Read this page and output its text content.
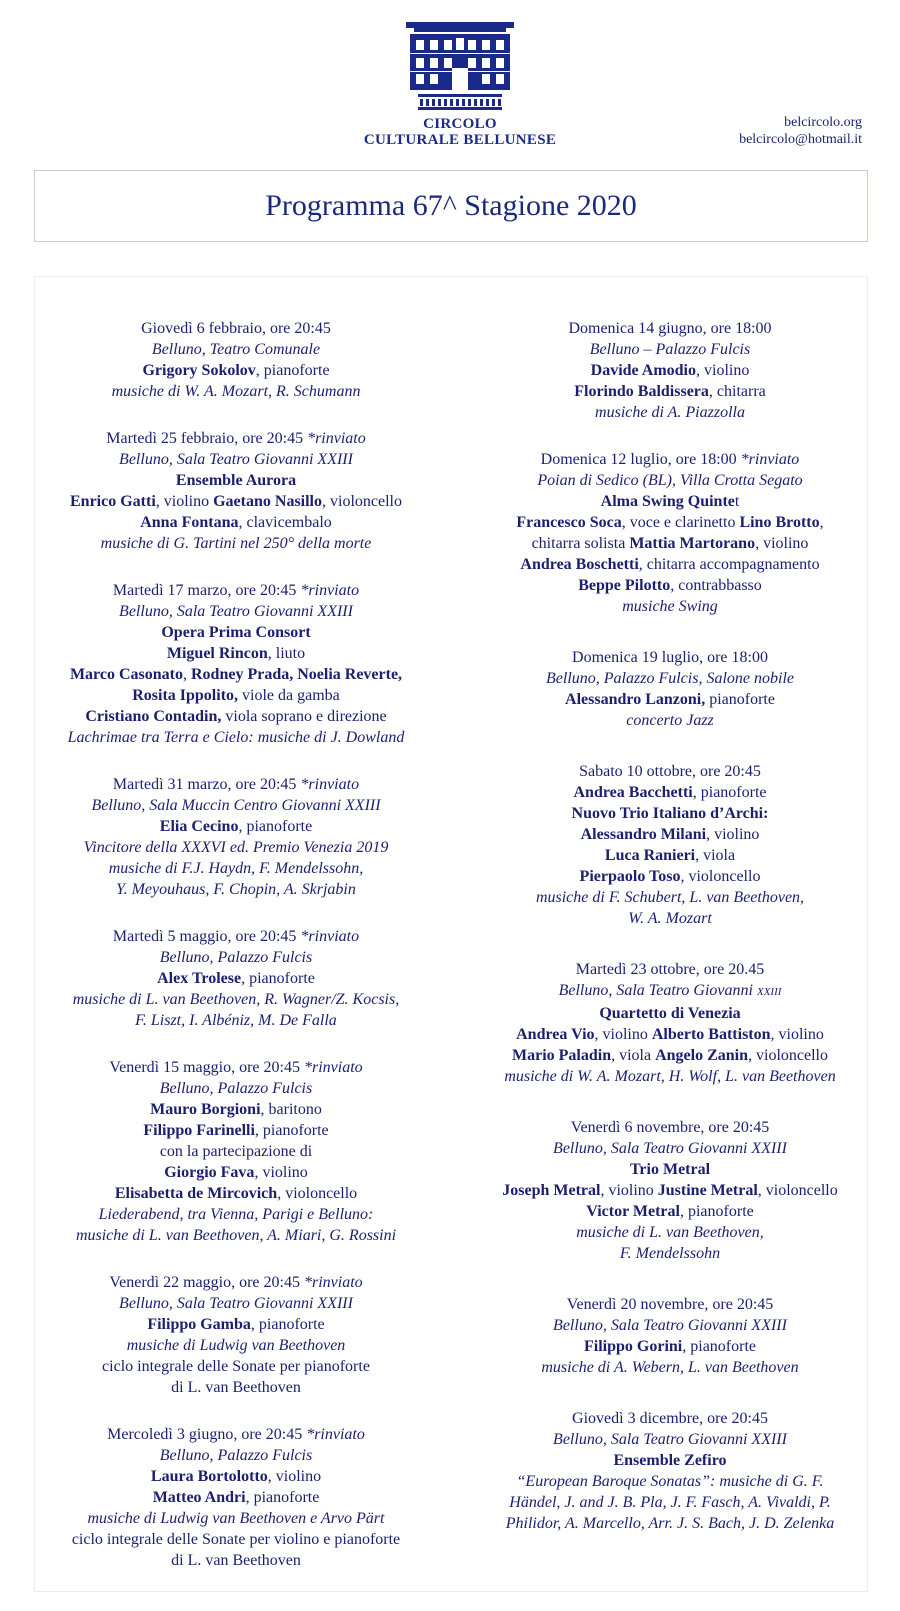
CIRCOLO
CULTURALE BELLUNESE
belcircolo.org
belcircolo@hotmail.it
Programma 67^ Stagione 2020
Giovedì 6 febbraio, ore 20:45
Belluno, Teatro Comunale
Grigory Sokolov, pianoforte
musiche di W. A. Mozart, R. Schumann
Martedì 25 febbraio, ore 20:45 *rinviato
Belluno, Sala Teatro Giovanni XXIII
Ensemble Aurora
Enrico Gatti, violino Gaetano Nasillo, violoncello
Anna Fontana, clavicembalo
musiche di G. Tartini nel 250° della morte
Martedì 17 marzo, ore 20:45 *rinviato
Belluno, Sala Teatro Giovanni XXIII
Opera Prima Consort
Miguel Rincon, liuto
Marco Casonato, Rodney Prada, Noelia Reverte,
Rosita Ippolito, viole da gamba
Cristiano Contadin, viola soprano e direzione
Lachrimae tra Terra e Cielo: musiche di J. Dowland
Martedì 31 marzo, ore 20:45 *rinviato
Belluno, Sala Muccin Centro Giovanni XXIII
Elia Cecino, pianoforte
Vincitore della XXXVI ed. Premio Venezia 2019
musiche di F.J. Haydn, F. Mendelssohn,
Y. Meyouhaus, F. Chopin, A. Skrjabin
Martedì 5 maggio, ore 20:45 *rinviato
Belluno, Palazzo Fulcis
Alex Trolese, pianoforte
musiche di L. van Beethoven, R. Wagner/Z. Kocsis,
F. Liszt, I. Albéniz, M. De Falla
Venerdì 15 maggio, ore 20:45 *rinviato
Belluno, Palazzo Fulcis
Mauro Borgioni, baritono
Filippo Farinelli, pianoforte
con la partecipazione di
Giorgio Fava, violino
Elisabetta de Mircovich, violoncello
Liederabend, tra Vienna, Parigi e Belluno:
musiche di L. van Beethoven, A. Miari, G. Rossini
Venerdì 22 maggio, ore 20:45 *rinviato
Belluno, Sala Teatro Giovanni XXIII
Filippo Gamba, pianoforte
musiche di Ludwig van Beethoven
ciclo integrale delle Sonate per pianoforte
di L. van Beethoven
Mercoledì 3 giugno, ore 20:45 *rinviato
Belluno, Palazzo Fulcis
Laura Bortolotto, violino
Matteo Andri, pianoforte
musiche di Ludwig van Beethoven e Arvo Pärt
ciclo integrale delle Sonate per violino e pianoforte
di L. van Beethoven
Domenica 14 giugno, ore 18:00
Belluno – Palazzo Fulcis
Davide Amodio, violino
Florindo Baldissera, chitarra
musiche di A. Piazzolla
Domenica 12 luglio, ore 18:00 *rinviato
Poian di Sedico (BL), Villa Crotta Segato
Alma Swing Quintet
Francesco Soca, voce e clarinetto Lino Brotto,
chitarra solista Mattia Martorano, violino
Andrea Boschetti, chitarra accompagnamento
Beppe Pilotto, contrabbasso
musiche Swing
Domenica 19 luglio, ore 18:00
Belluno, Palazzo Fulcis, Salone nobile
Alessandro Lanzoni, pianoforte
concerto Jazz
Sabato 10 ottobre, ore 20:45
Andrea Bacchetti, pianoforte
Nuovo Trio Italiano d’Archi:
Alessandro Milani, violino
Luca Ranieri, viola
Pierpaolo Toso, violoncello
musiche di F. Schubert, L. van Beethoven,
W. A. Mozart
Martedì 23 ottobre, ore 20.45
Belluno, Sala Teatro Giovanni XXIII
Quartetto di Venezia
Andrea Vio, violino Alberto Battiston, violino
Mario Paladin, viola Angelo Zanin, violoncello
musiche di W. A. Mozart, H. Wolf, L. van Beethoven
Venerdì 6 novembre, ore 20:45
Belluno, Sala Teatro Giovanni XXIII
Trio Metral
Joseph Metral, violino Justine Metral, violoncello
Victor Metral, pianoforte
musiche di L. van Beethoven,
F. Mendelssohn
Venerdì 20 novembre, ore 20:45
Belluno, Sala Teatro Giovanni XXIII
Filippo Gorini, pianoforte
musiche di A. Webern, L. van Beethoven
Giovedì 3 dicembre, ore 20:45
Belluno, Sala Teatro Giovanni XXIII
Ensemble Zefiro
“European Baroque Sonatas”: musiche di G. F.
Händel, J. and J. B. Pla, J. F. Fasch, A. Vivaldi, P.
Philidor, A. Marcello, Arr. J. S. Bach, J. D. Zelenka
